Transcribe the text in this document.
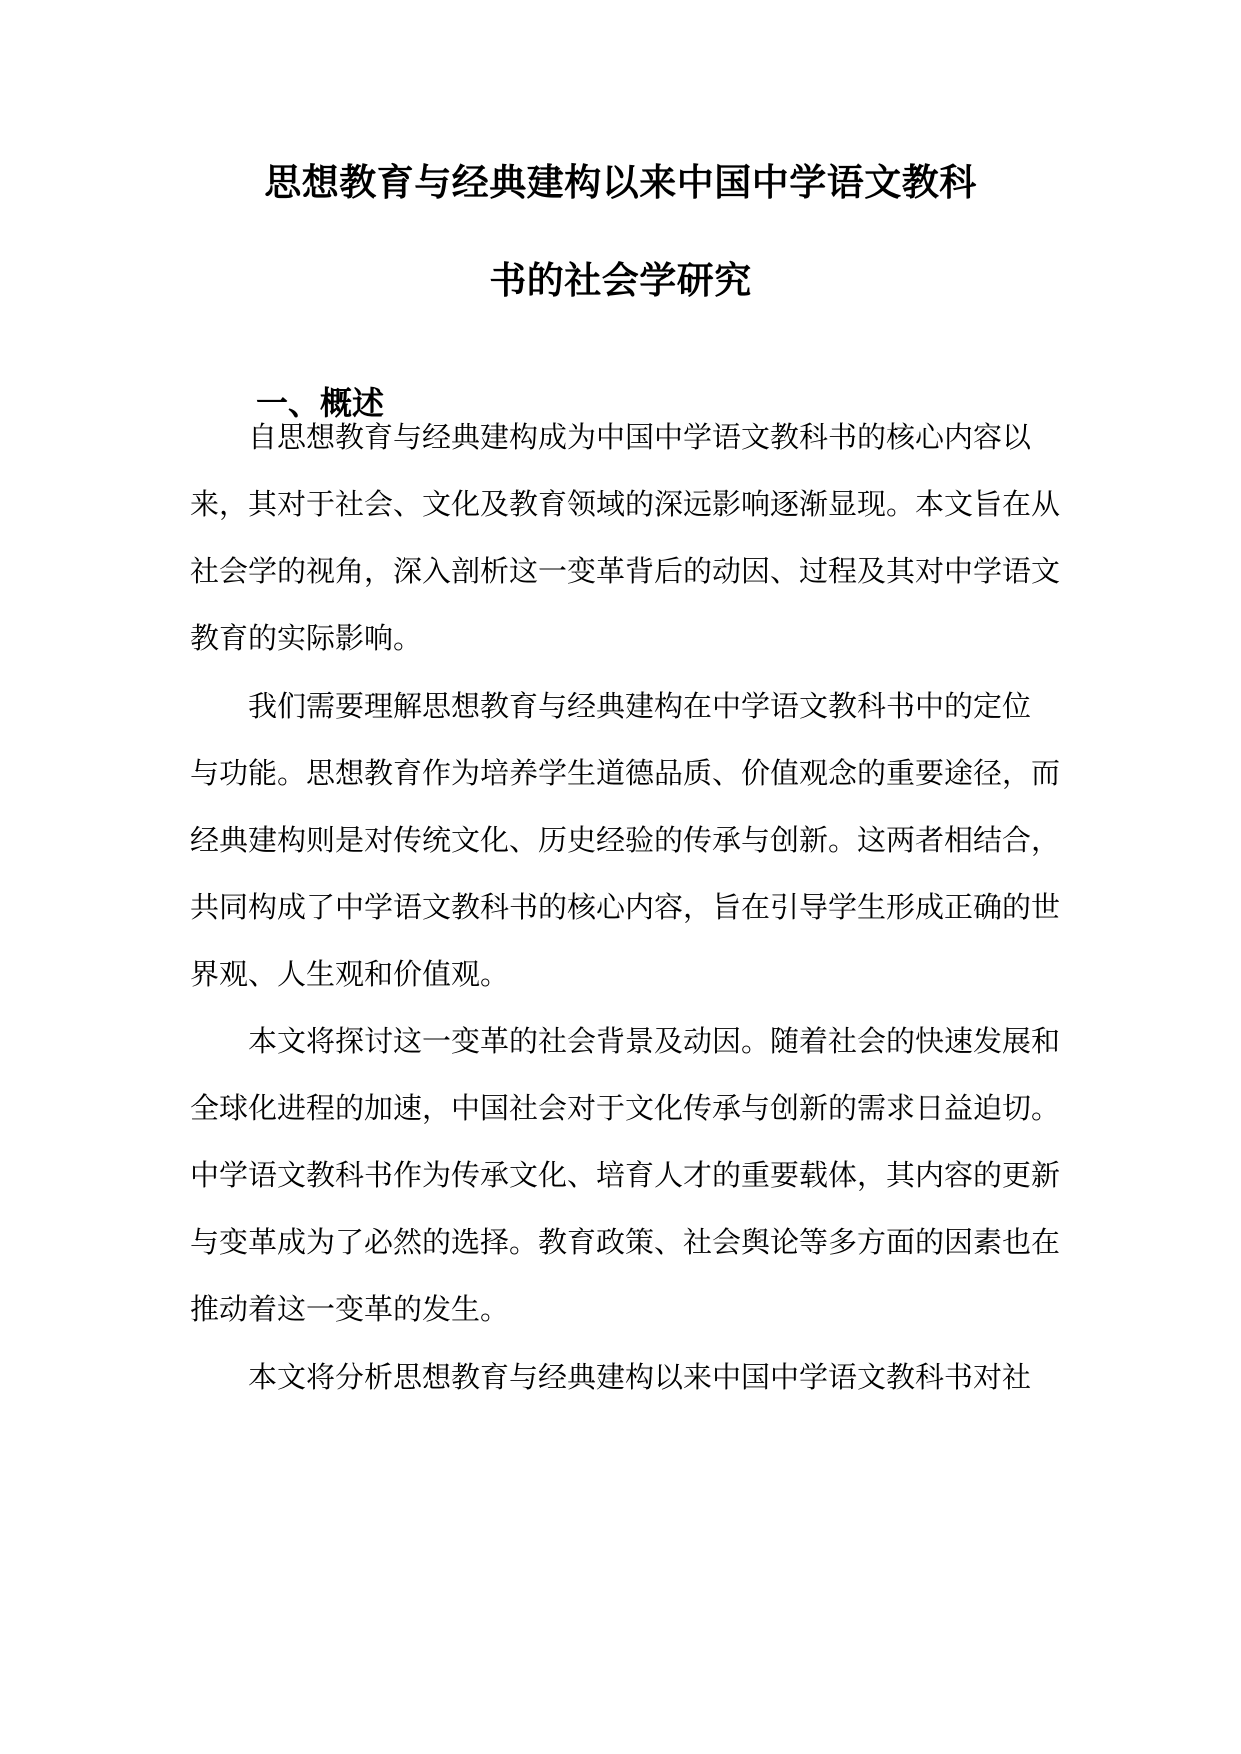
思想教育与经典建构以来中国中学语文教科
书的社会学研究
一、概述
自思想教育与经典建构成为中国中学语文教科书的核心内容以
来，其对于社会、文化及教育领域的深远影响逐渐显现。本文旨在从
社会学的视角，深入剖析这一变革背后的动因、过程及其对中学语文
教育的实际影响。
我们需要理解思想教育与经典建构在中学语文教科书中的定位
与功能。思想教育作为培养学生道德品质、价值观念的重要途径，而
经典建构则是对传统文化、历史经验的传承与创新。这两者相结合，
共同构成了中学语文教科书的核心内容，旨在引导学生形成正确的世
界观、人生观和价值观。
本文将探讨这一变革的社会背景及动因。随着社会的快速发展和
全球化进程的加速，中国社会对于文化传承与创新的需求日益迫切。
中学语文教科书作为传承文化、培育人才的重要载体，其内容的更新
与变革成为了必然的选择。教育政策、社会舆论等多方面的因素也在
推动着这一变革的发生。
本文将分析思想教育与经典建构以来中国中学语文教科书对社
